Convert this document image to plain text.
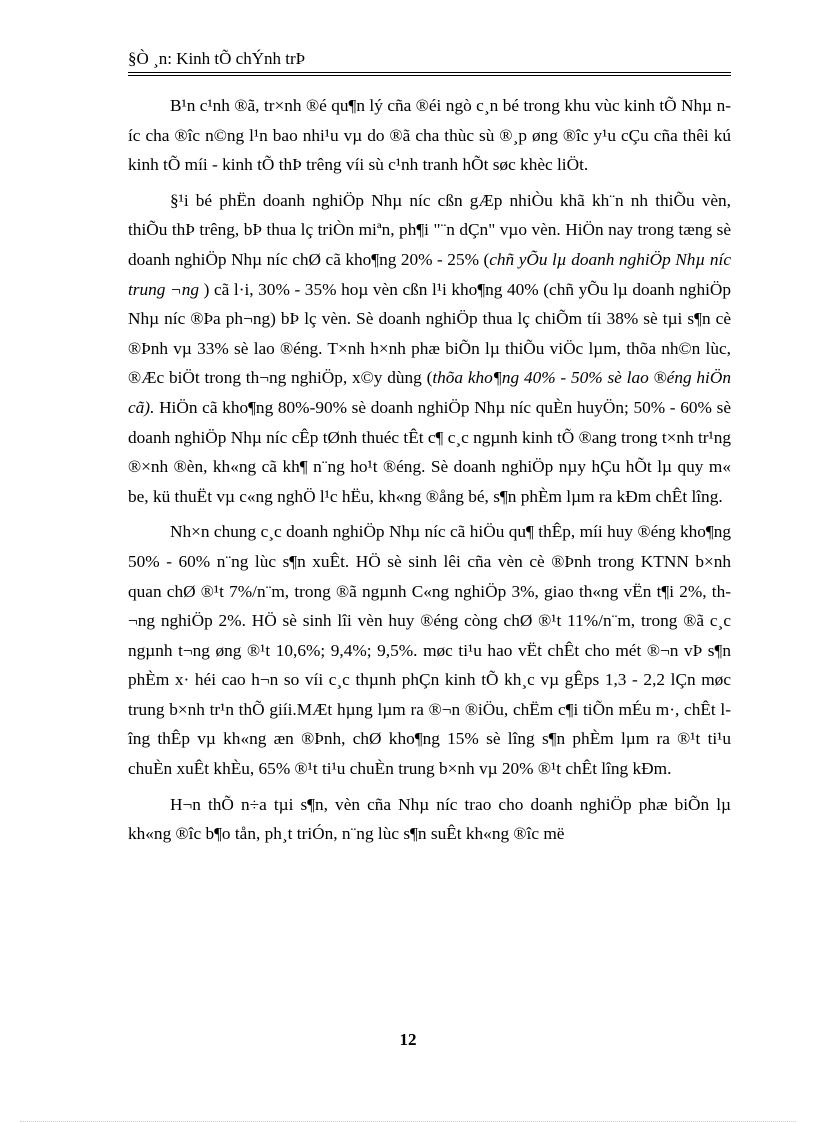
§Ò ¸n: Kinh tÕ chÝnh trÞ

B¹n c¹nh ®ã, tr×nh ®é qu¶n lý cña ®éi ngò c¸n bé trong khu vùc kinh tÕ Nhµ níc cha ®îc n©ng l¹n bao nhi¹u vµ do ®ã cha thùc sù ®¸p øng ®îc y¹u cÇu cña thêi kú kinh tÕ míi - kinh tÕ thÞ trêng víi sù c¹nh tranh hÕt søc khèc liÖt.

§¹i bé phËn doanh nghiÖp Nhµ níc cßn gÆp nhiÒu khã kh¨n nh thiÕu vèn, thiÕu thÞ trêng, bÞ thua lç triÒn miªn, ph¶i "¨n dÇn" vµo vèn. HiÖn nay trong tæng sè doanh nghiÖp Nhµ níc chØ cã kho¶ng 20% - 25% (chñ yÕu lµ doanh nghiÖp Nhµ níc trung ¬ng ) cã l·i, 30% - 35% hoµ vèn cßn l¹i kho¶ng 40% (chñ yÕu lµ doanh nghiÖp Nhµ níc ®Þa ph¬ng) bÞ lç vèn. Sè doanh nghiÖp thua lç chiÕm tíi 38% sè tµi s¶n cè ®Þnh vµ 33% sè lao ®éng. T×nh h×nh phæ biÕn lµ thiÕu viÖc lµm, thõa nh©n lùc, ®Æc biÖt trong th¬ng nghiÖp, x©y dùng (thõa kho¶ng 40% - 50% sè lao ®éng hiÖn cã). HiÖn cã kho¶ng 80%-90% sè doanh nghiÖp Nhµ níc quÈn huyÖn; 50% - 60% sè doanh nghiÖp Nhµ níc cÊp tØnh thuéc tÊt c¶ c¸c ngµnh kinh tÕ ®ang trong t×nh tr¹ng ®×nh ®èn, kh«ng cã kh¶ n¨ng ho¹t ®éng. Sè doanh nghiÖp nµy hÇu hÕt lµ quy m« be, kü thuËt vµ c«ng nghÖ l¹c hËu, kh«ng ®ång bé, s¶n phÈm lµm ra kÐm chÊt lîng.

Nh×n chung c¸c doanh nghiÖp Nhµ níc cã hiÖu qu¶ thÊp, míi huy ®éng kho¶ng 50% - 60% n¨ng lùc s¶n xuÊt. HÖ sè sinh lêi cña vèn cè ®Þnh trong KTNN b×nh quan chØ ®¹t 7%/n¨m, trong ®ã ngµnh C«ng nghiÖp 3%, giao th«ng vËn t¶i 2%, th¬ng nghiÖp 2%. HÖ sè sinh lîi vèn huy ®éng còng chØ ®¹t 11%/n¨m, trong ®ã c¸c ngµnh t¬ng øng ®¹t 10,6%; 9,4%; 9,5%. møc ti¹u hao vËt chÊt cho mét ®¬n vÞ s¶n phÈm x· héi cao h¬n so víi c¸c thµnh phÇn kinh tÕ kh¸c vµ gÊps 1,3 - 2,2 lÇn møc trung b×nh tr¹n thÕ giíi.MÆt hµng lµm ra ®¬n ®iÖu, chËm c¶i tiÕn mÉu m·, chÊt lîng thÊp vµ kh«ng æn ®Þnh, chØ kho¶ng 15% sè lîng s¶n phÈm lµm ra ®¹t ti¹u chuÈn xuÊt khÈu, 65% ®¹t ti¹u chuÈn trung b×nh vµ 20% ®¹t chÊt lîng kÐm.

H¬n thÕ n÷a tµi s¶n, vèn cña Nhµ níc trao cho doanh nghiÖp phæ biÕn lµ kh«ng ®îc b¶o tån, ph¸t triÓn, n¨ng lùc s¶n suÊt kh«ng ®îc më

12
